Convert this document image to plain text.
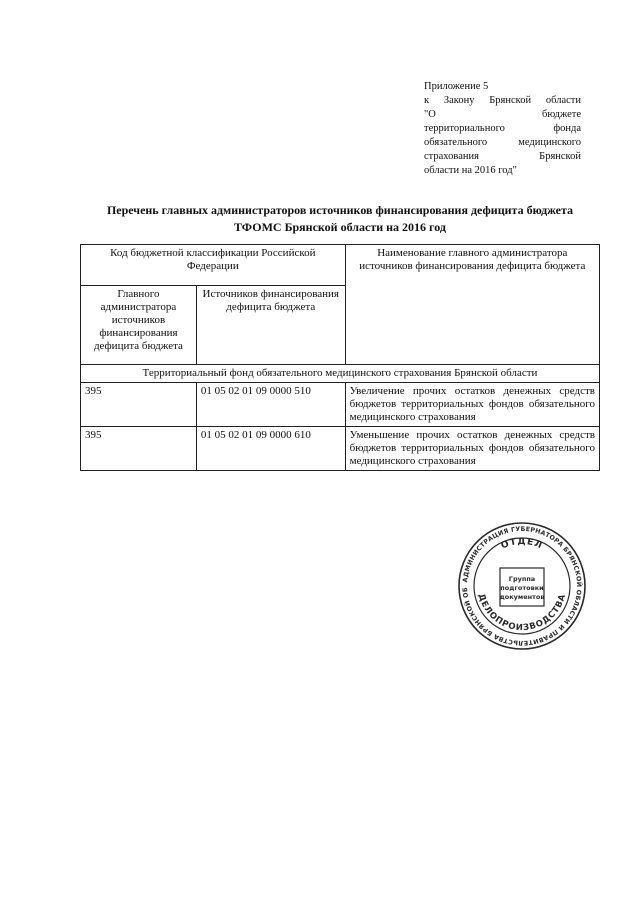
Приложение 5
к Закону Брянской области
"О бюджете
территориального фонда
обязательного медицинского
страхования Брянской
области на 2016 год"
Перечень главных администраторов источников финансирования дефицита бюджета
ТФОМС Брянской области на 2016 год
Код бюджетной классификации Российской Федерации		Наименование главного администратора источников финансирования дефицита бюджета
Главного администратора источников финансирования дефицита бюджета	Источников финансирования дефицита бюджета	
Территориальный фонд обязательного медицинского страхования Брянской области		
395	01 05 02 01 09 0000 510	Увеличение прочих остатков денежных средств бюджетов территориальных фондов обязательного медицинского страхования
395	01 05 02 01 09 0000 610	Уменьшение прочих остатков денежных средств бюджетов территориальных фондов обязательного медицинского страхования
АДМИНИСТРАЦИЯ ГУБЕРНАТОРА БРЯНСКОЙ ОБЛАСТИ И ПРАВИТЕЛЬСТВА БРЯНСКОЙ ОБ
ОТДЕЛ
ДЕЛОПРОИЗВОДСТВА
Группа
подготовки
документов
